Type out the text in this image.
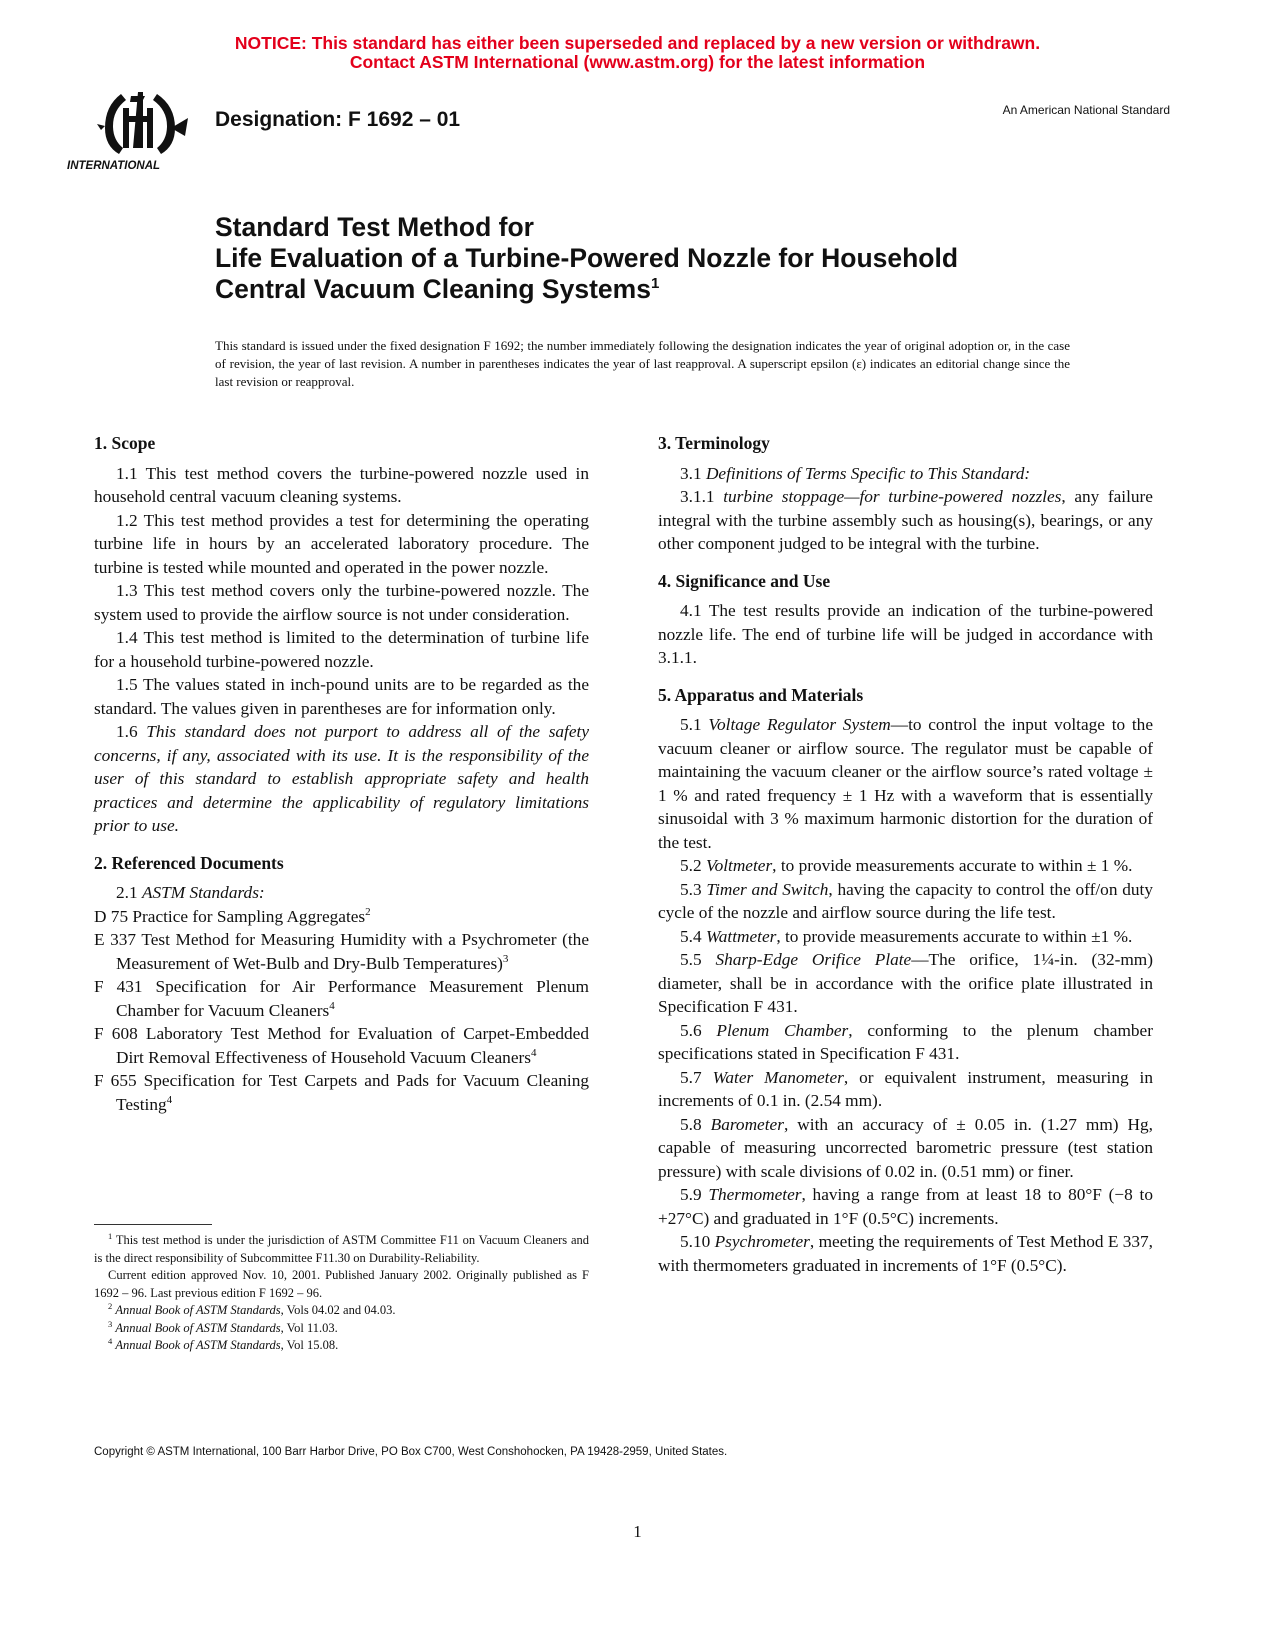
NOTICE: This standard has either been superseded and replaced by a new version or withdrawn.
Contact ASTM International (www.astm.org) for the latest information
INTERNATIONAL
Designation: F 1692 – 01	An American National Standard
Standard Test Method for
Life Evaluation of a Turbine-Powered Nozzle for Household
Central Vacuum Cleaning Systems$^1$
This standard is issued under the fixed designation F 1692; the number immediately following the designation indicates the year of original adoption or, in the case of revision, the year of last revision. A number in parentheses indicates the year of last reapproval. A superscript epsilon (ε) indicates an editorial change since the last revision or reapproval.
1. Scope

1.1 This test method covers the turbine-powered nozzle used in household central vacuum cleaning systems.

1.2 This test method provides a test for determining the operating turbine life in hours by an accelerated laboratory procedure. The turbine is tested while mounted and operated in the power nozzle.

1.3 This test method covers only the turbine-powered nozzle. The system used to provide the airflow source is not under consideration.

1.4 This test method is limited to the determination of turbine life for a household turbine-powered nozzle.

1.5 The values stated in inch-pound units are to be regarded as the standard. The values given in parentheses are for information only.

1.6 This standard does not purport to address all of the safety concerns, if any, associated with its use. It is the responsibility of the user of this standard to establish appropriate safety and health practices and determine the applicability of regulatory limitations prior to use.

2. Referenced Documents

2.1 ASTM Standards:

D 75 Practice for Sampling Aggregates$^2$

E 337 Test Method for Measuring Humidity with a Psychrometer (the Measurement of Wet-Bulb and Dry-Bulb Temperatures)$^3$

F 431 Specification for Air Performance Measurement Plenum Chamber for Vacuum Cleaners$^4$

F 608 Laboratory Test Method for Evaluation of Carpet-Embedded Dirt Removal Effectiveness of Household Vacuum Cleaners$^4$

F 655 Specification for Test Carpets and Pads for Vacuum Cleaning Testing$^4$

$^1$ This test method is under the jurisdiction of ASTM Committee F11 on Vacuum Cleaners and is the direct responsibility of Subcommittee F11.30 on Durability-Reliability.

Current edition approved Nov. 10, 2001. Published January 2002. Originally published as F 1692 – 96. Last previous edition F 1692 – 96.

$^2$ Annual Book of ASTM Standards, Vols 04.02 and 04.03.

$^3$ Annual Book of ASTM Standards, Vol 11.03.

$^4$ Annual Book of ASTM Standards, Vol 15.08.

3. Terminology

3.1 Definitions of Terms Specific to This Standard:

3.1.1 turbine stoppage—for turbine-powered nozzles, any failure integral with the turbine assembly such as housing(s), bearings, or any other component judged to be integral with the turbine.

4. Significance and Use

4.1 The test results provide an indication of the turbine-powered nozzle life. The end of turbine life will be judged in accordance with 3.1.1.

5. Apparatus and Materials

5.1 Voltage Regulator System—to control the input voltage to the vacuum cleaner or airflow source. The regulator must be capable of maintaining the vacuum cleaner or the airflow source’s rated voltage ± 1 % and rated frequency ± 1 Hz with a waveform that is essentially sinusoidal with 3 % maximum harmonic distortion for the duration of the test.

5.2 Voltmeter, to provide measurements accurate to within ± 1 %.

5.3 Timer and Switch, having the capacity to control the off/on duty cycle of the nozzle and airflow source during the life test.

5.4 Wattmeter, to provide measurements accurate to within ±1 %.

5.5 Sharp-Edge Orifice Plate—The orifice, 1¼-in. (32-mm) diameter, shall be in accordance with the orifice plate illustrated in Specification F 431.

5.6 Plenum Chamber, conforming to the plenum chamber specifications stated in Specification F 431.

5.7 Water Manometer, or equivalent instrument, measuring in increments of 0.1 in. (2.54 mm).

5.8 Barometer, with an accuracy of ± 0.05 in. (1.27 mm) Hg, capable of measuring uncorrected barometric pressure (test station pressure) with scale divisions of 0.02 in. (0.51 mm) or finer.

5.9 Thermometer, having a range from at least 18 to 80°F (−8 to +27°C) and graduated in 1°F (0.5°C) increments.

5.10 Psychrometer, meeting the requirements of Test Method E 337, with thermometers graduated in increments of 1°F (0.5°C).

Copyright © ASTM International, 100 Barr Harbor Drive, PO Box C700, West Conshohocken, PA 19428-2959, United States.
1
